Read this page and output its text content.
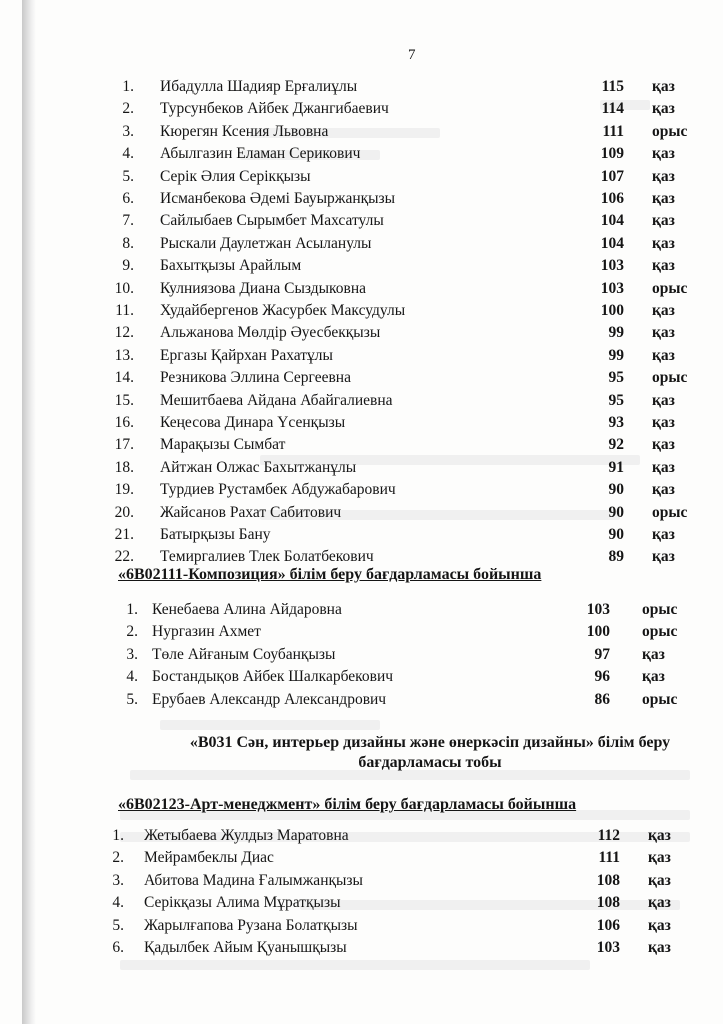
7
1. Ибадулла Шадияр Ерғалиұлы	115 қаз
2. Турсунбеков Айбек Джангибаевич	114 қаз
3. Кюрегян Ксения Львовна	111 орыс
4. Абылгазин Еламан Серикович	109 қаз
5. Серік Әлия Серікқызы	107 қаз
6. Исманбекова Әдемі Бауыржанқызы	106 қаз
7. Сайлыбаев Сырымбет Махсатулы	104 қаз
8. Рыскали Даулетжан Асыланулы	104 қаз
9. Бахытқызы Арайлым	103 қаз
10. Кулниязова Диана Сыздыковна	103 орыс
11. Худайбергенов Жасурбек Максудулы	100 қаз
12. Альжанова Мөлдір Әуесбекқызы	99 қаз
13. Ергазы Қайрхан Рахатұлы	99 қаз
14. Резникова Эллина Сергеевна	95 орыс
15. Мешитбаева Айдана Абайгалиевна	95 қаз
16. Кеңесова Динара Үсенқызы	93 қаз
17. Марақызы Сымбат	92 қаз
18. Айтжан Олжас Бахытжанұлы	91 қаз
19. Турдиев Рустамбек Абдужабарович	90 қаз
20. Жайсанов Рахат Сабитович	90 орыс
21. Батырқызы Бану	90 қаз
22. Темиргалиев Тлек Болатбекович	89 қаз
«6В02111-Композиция» білім беру бағдарламасы бойынша
1. Кенебаева Алина Айдаровна	103 орыс
2. Нургазин Ахмет	100 орыс
3. Төле Айғаным Соубанқызы	97 қаз
4. Бостандықов Айбек Шалкарбекович	96 қаз
5. Ерубаев Александр Александрович	86 орыс
«В031 Сән, интерьер дизайны және өнеркәсіп дизайны» білім беру
бағдарламасы тобы
«6В02123-Арт-менеджмент» білім беру бағдарламасы бойынша
1. Жетыбаева Жулдыз Маратовна	112 қаз
2. Мейрамбеклы Диас	111 қаз
3. Абитова Мадина Ғалымжанқызы	108 қаз
4. Серікқазы Алима Мұратқызы	108 қаз
5. Жарылғапова Рузана Болатқызы	106 қаз
6. Қадылбек Айым Қуанышқызы	103 қаз
